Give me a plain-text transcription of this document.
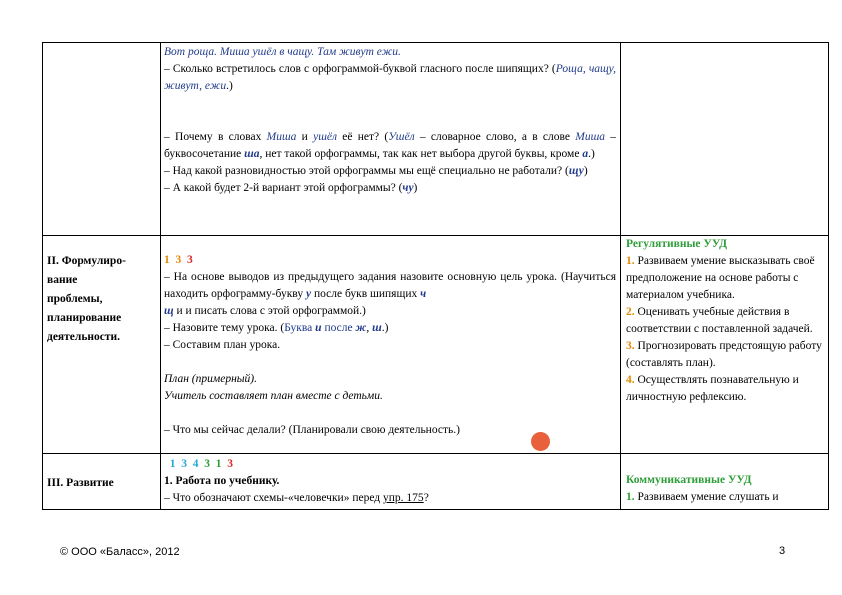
Вот роща. Миша ушёл в чащу. Там живут ежи.

– Сколько встретилось слов с орфограммой-буквой гласного после шипящих? (Роща, чащу, живут, ежи.)

– Почему в словах Миша и ушёл её нет? (Ушёл – словарное слово, а в слове Миша – буквосочетание ша, нет такой орфограммы, так как нет выбора другой буквы, кроме а.)

– Над какой разновидностью этой орфограммы мы ещё специально не работали? (щу)

– А какой будет 2-й вариант этой орфограммы? (чу)

II. Формулиро-

вание

проблемы,

планирование

деятельности.

1 3 3

– На основе выводов из предыдущего задания назовите основную цель урока. (Научиться находить орфограмму-букву у после букв шипящих ч
щ и и писать слова с этой орфограммой.)

– Назовите тему урока. (Буква и после ж, ш.)

– Составим план урока.

План (примерный).

Учитель составляет план вместе с детьми.

– Что мы сейчас делали? (Планировали свою деятельность.)

Регулятивные УУД

1. Развиваем умение высказывать своё предположение на основе работы с материалом учебника.

2. Оценивать учебные действия в соответствии с поставленной задачей.

3. Прогнозировать предстоящую работу (составлять план).

4. Осуществлять познавательную и личностную рефлексию.

III. Развитие

1 3 4 3 1 3

1. Работа по учебнику.

– Что обозначают схемы-«человечки» перед упр. 175?

Коммуникативные УУД

1. Развиваем умение слушать и

© ООО «Баласс», 2012	3
